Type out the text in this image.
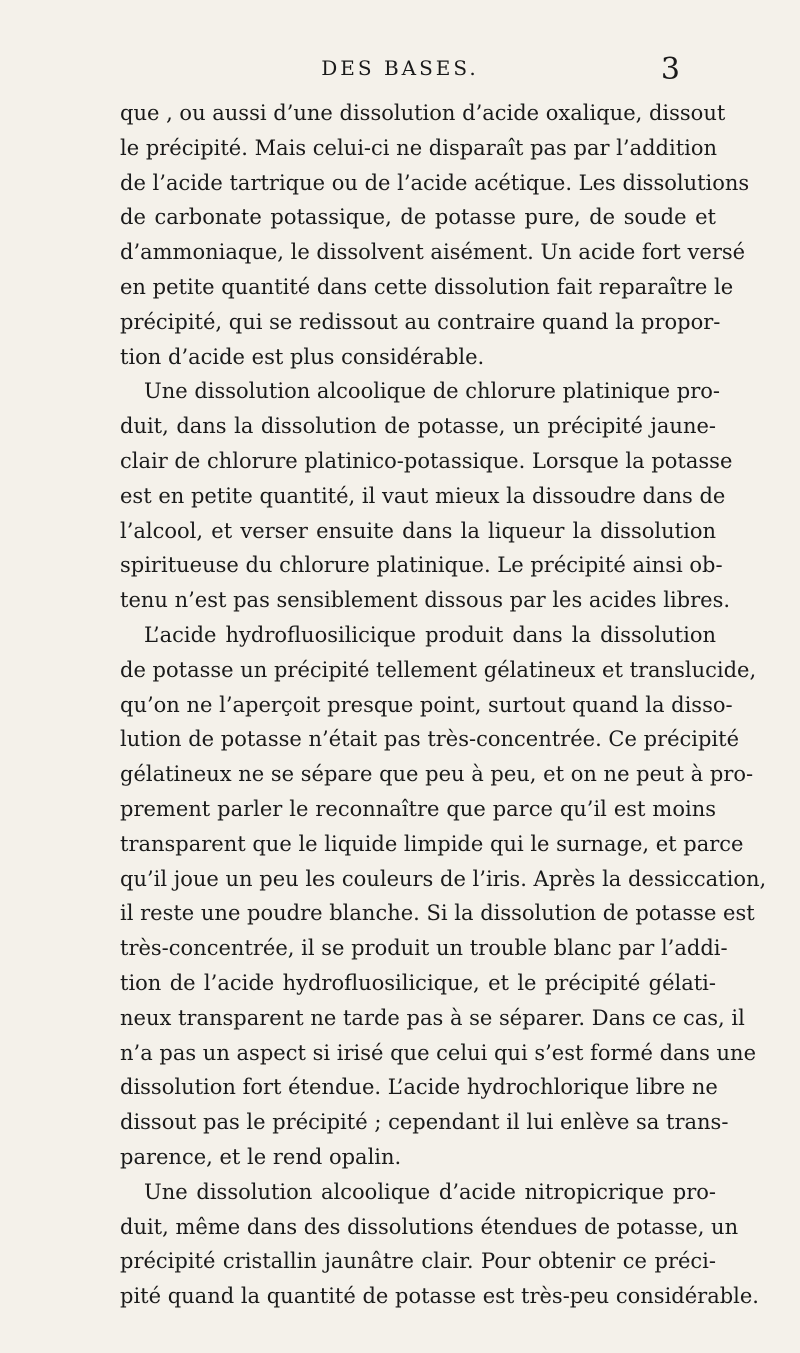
DES BASES.	3
que , ou aussi d’une dissolution d’acide oxalique, dissout
le précipité. Mais celui-ci ne disparaît pas par l’addition
de l’acide tartrique ou de l’acide acétique. Les dissolutions
de carbonate potassique, de potasse pure, de soude et
d’ammoniaque, le dissolvent aisément. Un acide fort versé
en petite quantité dans cette dissolution fait reparaître le
précipité, qui se redissout au contraire quand la propor-
tion d’acide est plus considérable.
Une dissolution alcoolique de chlorure platinique pro-
duit, dans la dissolution de potasse, un précipité jaune-
clair de chlorure platinico-potassique. Lorsque la potasse
est en petite quantité, il vaut mieux la dissoudre dans de
l’alcool, et verser ensuite dans la liqueur la dissolution
spiritueuse du chlorure platinique. Le précipité ainsi ob-
tenu n’est pas sensiblement dissous par les acides libres.
L’acide hydrofluosilicique produit dans la dissolution
de potasse un précipité tellement gélatineux et translucide,
qu’on ne l’aperçoit presque point, surtout quand la disso-
lution de potasse n’était pas très-concentrée. Ce précipité
gélatineux ne se sépare que peu à peu, et on ne peut à pro-
prement parler le reconnaître que parce qu’il est moins
transparent que le liquide limpide qui le surnage, et parce
qu’il joue un peu les couleurs de l’iris. Après la dessiccation,
il reste une poudre blanche. Si la dissolution de potasse est
très-concentrée, il se produit un trouble blanc par l’addi-
tion de l’acide hydrofluosilicique, et le précipité gélati-
neux transparent ne tarde pas à se séparer. Dans ce cas, il
n’a pas un aspect si irisé que celui qui s’est formé dans une
dissolution fort étendue. L’acide hydrochlorique libre ne
dissout pas le précipité ; cependant il lui enlève sa trans-
parence, et le rend opalin.
Une dissolution alcoolique d’acide nitropicrique pro-
duit, même dans des dissolutions étendues de potasse, un
précipité cristallin jaunâtre clair. Pour obtenir ce préci-
pité quand la quantité de potasse est très-peu considérable.
